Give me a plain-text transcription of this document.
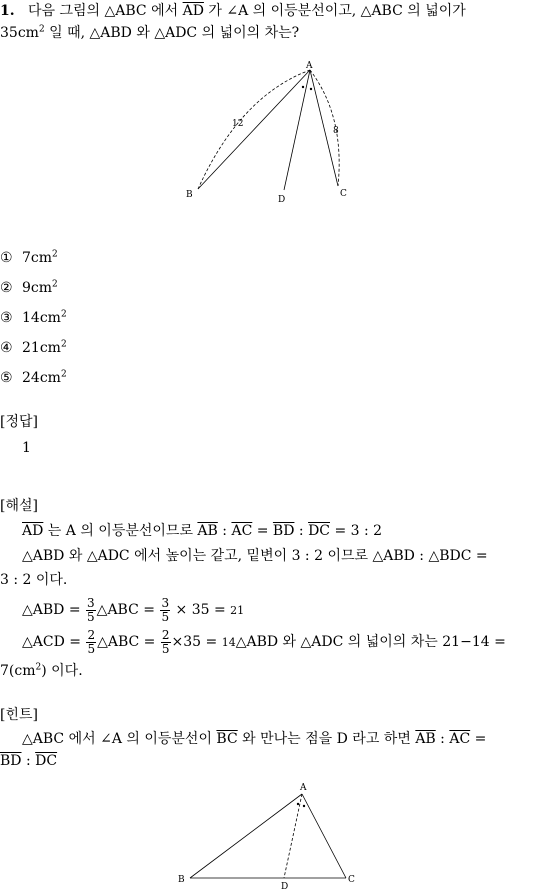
1. 다음 그림의 △ABC 에서 $\overline{AD}$ 가 ∠A 의 이등분선이고, △ABC 의 넓이가
$35cm^2$ 일 때, △ABD 와 △ADC 의 넓이의 차는?
A
B	C
D
12
8
① $7cm^2$
② $9cm^2$
③ $14cm^2$
④ $21cm^2$
⑤ $24cm^2$
[정답]
1
[해설]
$\overline{AD}$ 는 A 의 이등분선이므로 $\overline{AB}$ : $\overline{AC} = \overline{BD}$ : $\overline{DC} = 3$ : 2
△ABD 와 △ADC 에서 높이는 같고, 밑변이 3 : 2 이므로 △ABD : △BDC =
3 : 2 이다.
△ABD = $\frac{3}{5}$ △ABC = $\frac{3}{5} \times 35 = 21$
△ACD = $\frac{2}{5}$ △ABC = $\frac{2}{5} \times 35$ = 14△ABD 와 △ADC 의 넓이의 차는 21−14 =
$7(cm^2)$ 이다.
[힌트]
△ABC 에서 ∠A 의 이등분선이 $\overline{BC}$ 와 만나는 점을 D 라고 하면 $\overline{AB}$ : $\overline{AC}$ =
$\overline{BD}$ : $\overline{DC}$
A
B	C
D
